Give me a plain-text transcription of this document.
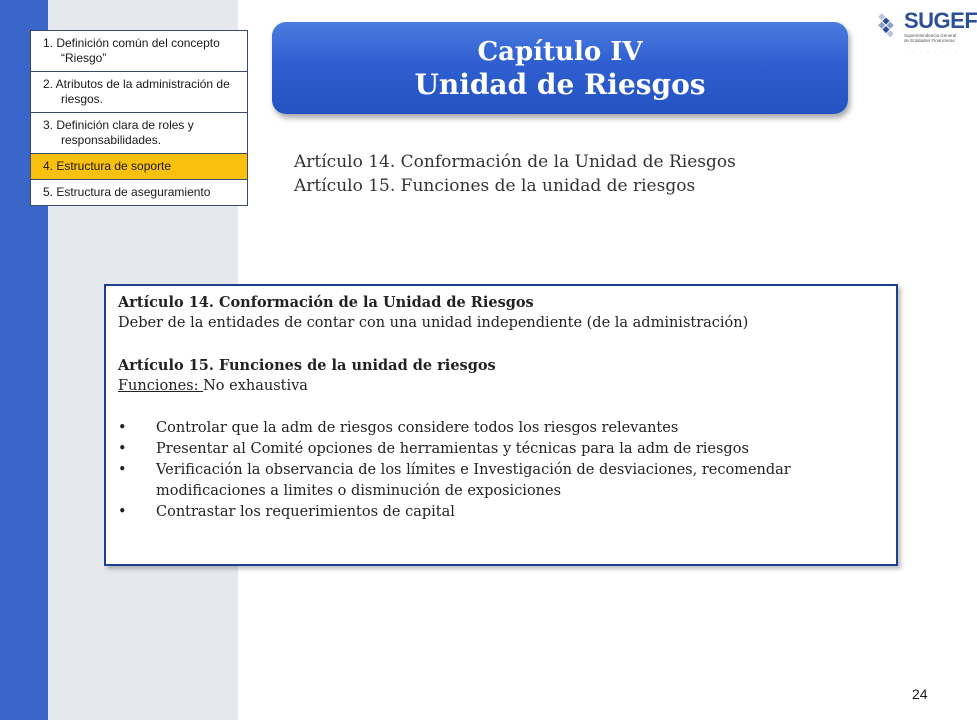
1. Definición común del concepto “Riesgo”
2. Atributos de la administración de riesgos.
3. Definición clara de roles y responsabilidades.
4. Estructura de soporte
5. Estructura de aseguramiento
Capítulo IV
Unidad de Riesgos
SUGEF
Superintendencia General de Entidades Financieras
· · · · · · · ·
Artículo 14. Conformación de la Unidad de Riesgos
Artículo 15. Funciones de la unidad de riesgos
Artículo 14. Conformación de la Unidad de Riesgos
Deber de la entidades de contar con una unidad independiente (de la administración)
Artículo 15. Funciones de la unidad de riesgos
Funciones: No exhaustiva
•	Controlar que la adm de riesgos considere todos los riesgos relevantes
•	Presentar al Comité opciones de herramientas y técnicas para la adm de riesgos
•	Verificación la observancia de los límites e Investigación de desviaciones, recomendar modificaciones a limites o disminución de exposiciones
•	Contrastar los requerimientos de capital
24
